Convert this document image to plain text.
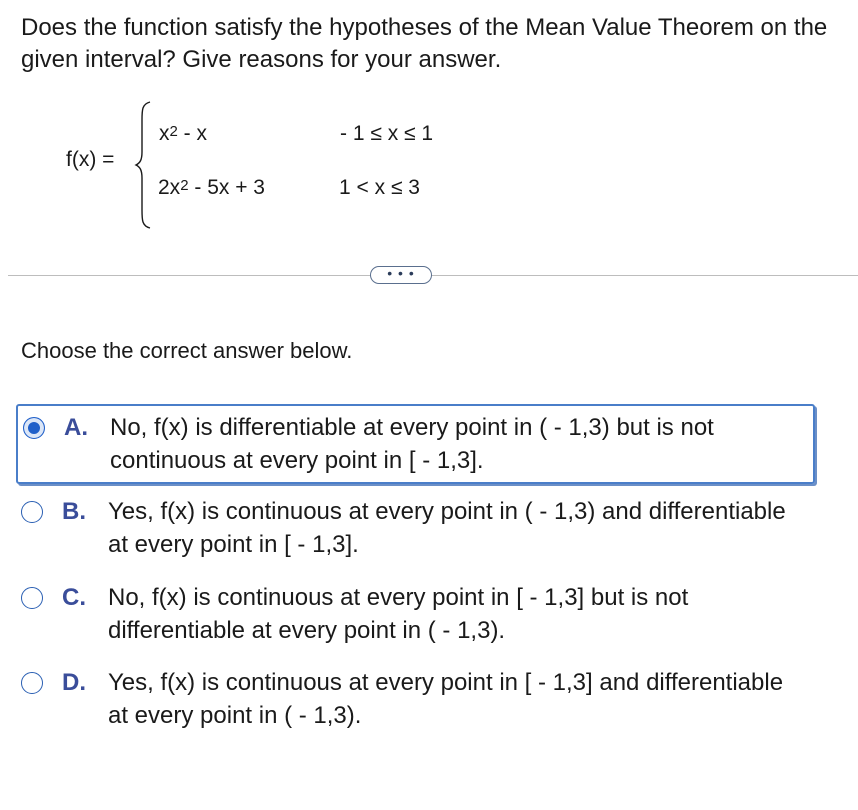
Does the function satisfy the hypotheses of the Mean Value Theorem on the given interval? Give reasons for your answer.
f(x) =
$x^2$ - x	- 1 ≤ x ≤ 1
$2x^2 - 5x + 3$	1 < x ≤ 3
• • •
Choose the correct answer below.
A. No, f(x) is differentiable at every point in ( - 1,3) but is not continuous at every point in [ - 1,3].
B. Yes, f(x) is continuous at every point in ( - 1,3) and differentiable at every point in [ - 1,3].
C. No, f(x) is continuous at every point in [ - 1,3] but is not differentiable at every point in ( - 1,3).
D. Yes, f(x) is continuous at every point in [ - 1,3] and differentiable at every point in ( - 1,3).
